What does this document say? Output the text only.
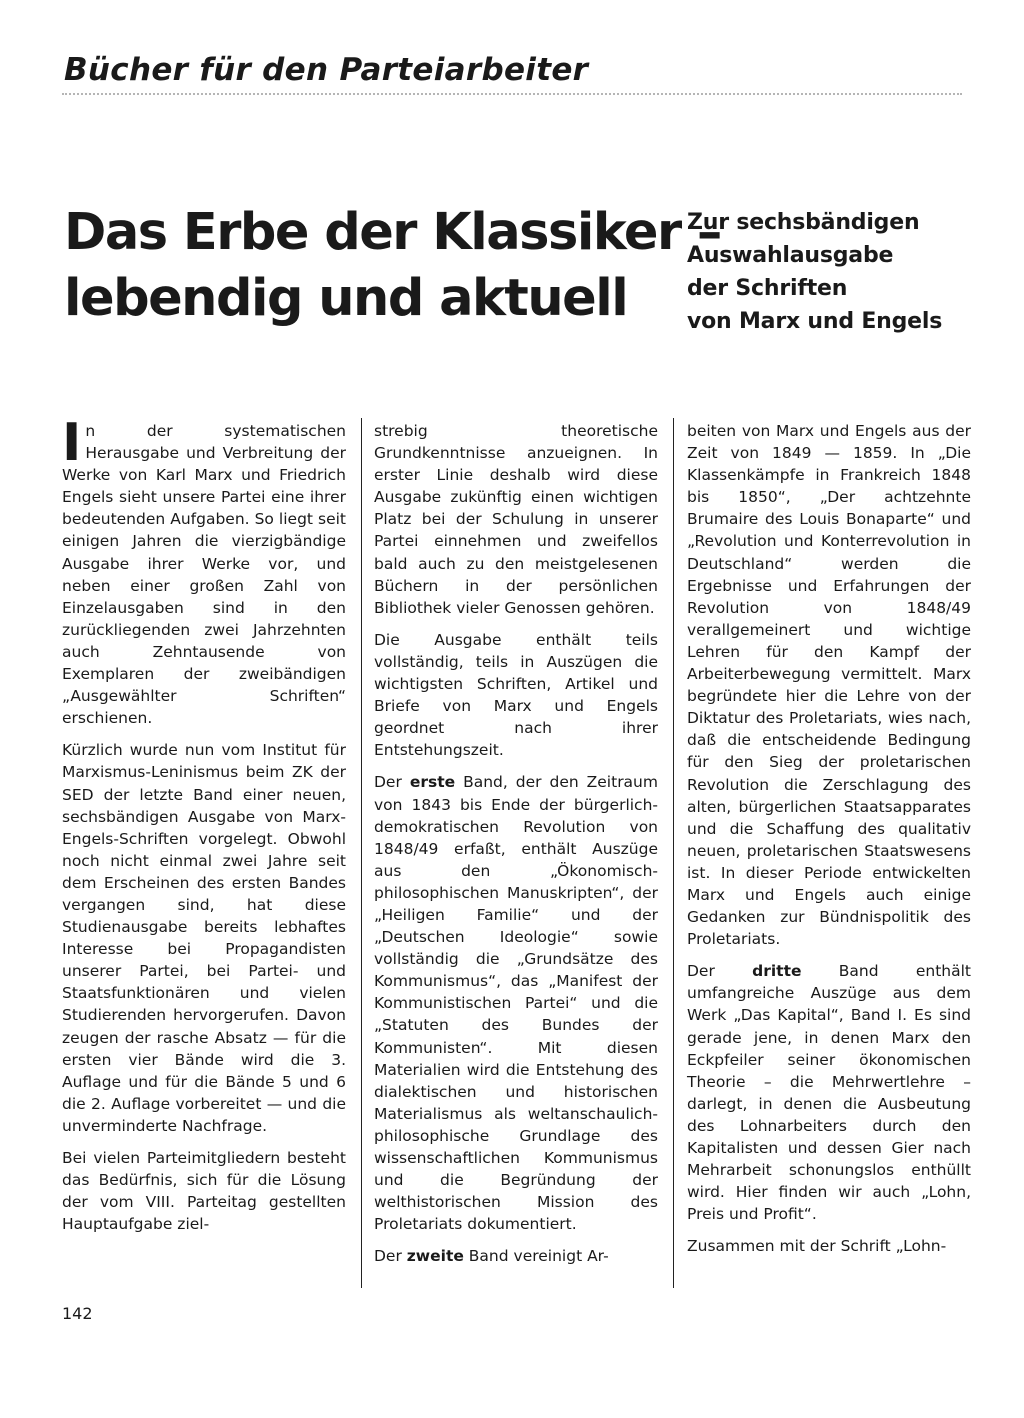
Bücher für den Parteiarbeiter
Das Erbe der Klassiker –
lebendig und aktuell
Zur sechsbändigen
Auswahlausgabe
der Schriften
von Marx und Engels

In der systematischen Herausgabe und Verbreitung der Werke von Karl Marx und Friedrich Engels sieht unsere Partei eine ihrer bedeutenden Aufgaben. So liegt seit einigen Jahren die vierzigbändige Ausgabe ihrer Werke vor, und neben einer großen Zahl von Einzelausgaben sind in den zurückliegenden zwei Jahrzehnten auch Zehntausende von Exemplaren der zweibändigen „Ausgewählter Schriften“ erschienen.

Kürzlich wurde nun vom Institut für Marxismus-Leninismus beim ZK der SED der letzte Band einer neuen, sechsbändigen Ausgabe von Marx-Engels-Schriften vorgelegt. Obwohl noch nicht einmal zwei Jahre seit dem Erscheinen des ersten Bandes vergangen sind, hat diese Studienausgabe bereits lebhaftes Interesse bei Propagandisten unserer Partei, bei Partei- und Staatsfunktionären und vielen Studierenden hervorgerufen. Davon zeugen der rasche Absatz — für die ersten vier Bände wird die 3. Auflage und für die Bände 5 und 6 die 2. Auflage vorbereitet — und die unverminderte Nachfrage.

Bei vielen Parteimitgliedern besteht das Bedürfnis, sich für die Lösung der vom VIII. Parteitag gestellten Hauptaufgabe ziel-

strebig theoretische Grundkenntnisse anzueignen. In erster Linie deshalb wird diese Ausgabe zukünftig einen wichtigen Platz bei der Schulung in unserer Partei einnehmen und zweifellos bald auch zu den meistgelesenen Büchern in der persönlichen Bibliothek vieler Genossen gehören.

Die Ausgabe enthält teils vollständig, teils in Auszügen die wichtigsten Schriften, Artikel und Briefe von Marx und Engels geordnet nach ihrer Entstehungszeit.

Der erste Band, der den Zeitraum von 1843 bis Ende der bürgerlich-demokratischen Revolution von 1848/49 erfaßt, enthält Auszüge aus den „Ökonomisch-philosophischen Manuskripten“, der „Heiligen Familie“ und der „Deutschen Ideologie“ sowie vollständig die „Grundsätze des Kommunismus“, das „Manifest der Kommunistischen Partei“ und die „Statuten des Bundes der Kommunisten“. Mit diesen Materialien wird die Entstehung des dialektischen und historischen Materialismus als weltanschaulich-philosophische Grundlage des wissenschaftlichen Kommunismus und die Begründung der welthistorischen Mission des Proletariats dokumentiert.

Der zweite Band vereinigt Ar-

beiten von Marx und Engels aus der Zeit von 1849 — 1859. In „Die Klassenkämpfe in Frankreich 1848 bis 1850“, „Der achtzehnte Brumaire des Louis Bonaparte“ und „Revolution und Konterrevolution in Deutschland“ werden die Ergebnisse und Erfahrungen der Revolution von 1848/49 verallgemeinert und wichtige Lehren für den Kampf der Arbeiterbewegung vermittelt. Marx begründete hier die Lehre von der Diktatur des Proletariats, wies nach, daß die entscheidende Bedingung für den Sieg der proletarischen Revolution die Zerschlagung des alten, bürgerlichen Staatsapparates und die Schaffung des qualitativ neuen, proletarischen Staatswesens ist. In dieser Periode entwickelten Marx und Engels auch einige Gedanken zur Bündnispolitik des Proletariats.

Der dritte Band enthält umfangreiche Auszüge aus dem Werk „Das Kapital“, Band I. Es sind gerade jene, in denen Marx den Eckpfeiler seiner ökonomischen Theorie – die Mehrwertlehre – darlegt, in denen die Ausbeutung des Lohnarbeiters durch den Kapitalisten und dessen Gier nach Mehrarbeit schonungslos enthüllt wird. Hier finden wir auch „Lohn, Preis und Profit“.

Zusammen mit der Schrift „Lohn-

142
